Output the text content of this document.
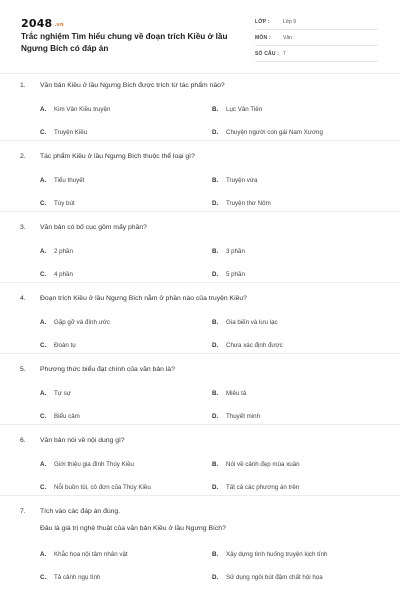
2048 $^{.vn}$
Trắc nghiệm Tìm hiểu chung về đoạn trích Kiều ở lầu Ngưng Bích có đáp án
LỚP :	Lớp 9
MÔN :	Văn
SỐ CÂU : 7
1. Văn bản Kiều ở lầu Ngưng Bích được trích từ tác phẩm nào?
A. Kim Vân Kiều truyện	B. Lục Vân Tiên
C. Truyện Kiều	D. Chuyện người con gái Nam Xương
2. Tác phẩm Kiều ở lầu Ngưng Bích thuộc thể loại gì?
A. Tiểu thuyết	B. Truyện vừa
C. Tùy bút	D. Truyện thơ Nôm
3. Văn bản có bố cục gồm mấy phần?
A. 2 phần	B. 3 phần
C. 4 phần	D. 5 phần
4. Đoạn trích Kiều ở lầu Ngưng Bích nằm ở phần nào của truyện Kiều?
A. Gặp gỡ và đính ước	B. Gia biến và lưu lạc
C. Đoàn tụ	D. Chưa xác định được
5. Phương thức biểu đạt chính của văn bản là?
A. Tự sự	B. Miêu tả
C. Biểu cảm	D. Thuyết minh
6. Văn bản nói về nội dung gì?
A. Giới thiệu gia đình Thúy Kiều	B. Nói về cảnh đẹp mùa xuân
C. Nỗi buồn tủi, cô đơn của Thúy Kiều	D. Tất cả các phương án trên
7. Tích vào các đáp án đúng.
Đâu là giá trị nghệ thuật của văn bản Kiều ở lầu Ngưng Bích?
A. Khắc họa nội tâm nhân vật	B. Xây dựng tình huống truyện kịch tính
C. Tả cảnh ngụ tình	D. Sử dụng ngôi bút đậm chất hội họa
